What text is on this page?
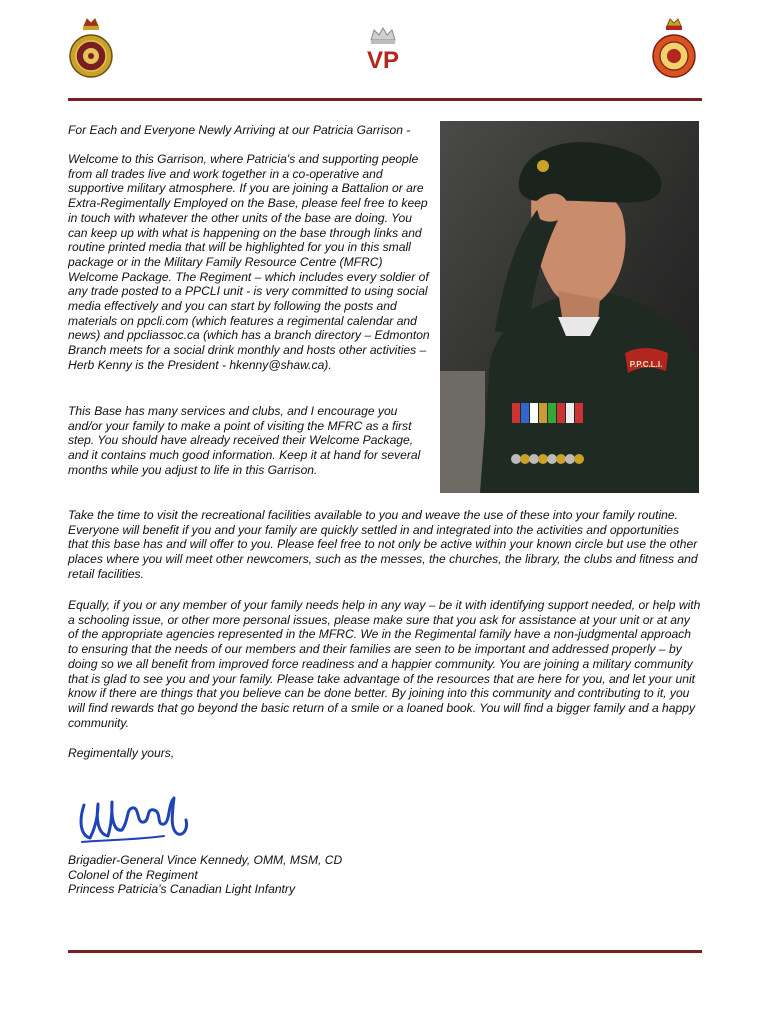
VP

For Each and Everyone Newly Arriving at our Patricia Garrison -

Welcome to this Garrison, where Patricia's and supporting people from all trades live and work together in a co-operative and supportive military atmosphere. If you are joining a Battalion or are Extra-Regimentally Employed on the Base, please feel free to keep in touch with whatever the other units of the base are doing. You can keep up with what is happening on the base through links and routine printed media that will be highlighted for you in this small package or in the Military Family Resource Centre (MFRC) Welcome Package. The Regiment – which includes every soldier of any trade posted to a PPCLI unit - is very committed to using social media effectively and you can start by following the posts and materials on ppcli.com (which features a regimental calendar and news) and ppcliassoc.ca (which has a branch directory – Edmonton Branch meets for a social drink monthly and hosts other activities – Herb Kenny is the President - hkenny@shaw.ca).

This Base has many services and clubs, and I encourage you and/or your family to make a point of visiting the MFRC as a first step. You should have already received their Welcome Package, and it contains much good information. Keep it at hand for several months while you adjust to life in this Garrison.

Take the time to visit the recreational facilities available to you and weave the use of these into your family routine. Everyone will benefit if you and your family are quickly settled in and integrated into the activities and opportunities that this base has and will offer to you. Please feel free to not only be active within your known circle but use the other places where you will meet other newcomers, such as the messes, the churches, the library, the clubs and fitness and retail facilities.

Equally, if you or any member of your family needs help in any way – be it with identifying support needed, or help with a schooling issue, or other more personal issues, please make sure that you ask for assistance at your unit or at any of the appropriate agencies represented in the MFRC. We in the Regimental family have a non-judgmental approach to ensuring that the needs of our members and their families are seen to be important and addressed properly – by doing so we all benefit from improved force readiness and a happier community. You are joining a military community that is glad to see you and your family. Please take advantage of the resources that are here for you, and let your unit know if there are things that you believe can be done better. By joining into this community and contributing to it, you will find rewards that go beyond the basic return of a smile or a loaned book. You will find a bigger family and a happy community.

Regimentally yours,

P.P.C.L.I.
Brigadier-General Vince Kennedy, OMM, MSM, CD
Colonel of the Regiment
Princess Patricia’s Canadian Light Infantry
